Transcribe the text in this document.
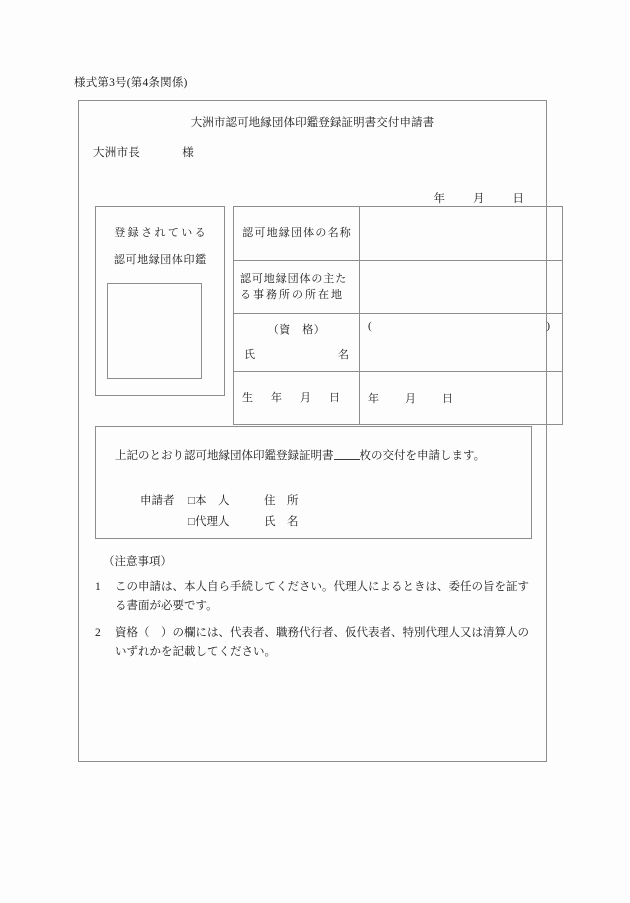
様式第3号(第4条関係)
大洲市認可地縁団体印鑑登録証明書交付申請書
大洲市長	様
年 月 日
登録されている
認可地縁団体印鑑
認可地縁団体の名称	

認可地縁団体の主た
る事務所の所在地	

（資　格）
氏 名	( )

生 年 月 日	年 月 日
上記のとおり認可地縁団体印鑑登録証明書 枚の交付を申請します。
申請者 □本　人	住　所
□代理人	氏　名
（注意事項）
1 この申請は、本人自ら手続してください。代理人によるときは、委任の旨を証する書面が必要です。
2 資格（　）の欄には、代表者、職務代行者、仮代表者、特別代理人又は清算人のいずれかを記載してください。
